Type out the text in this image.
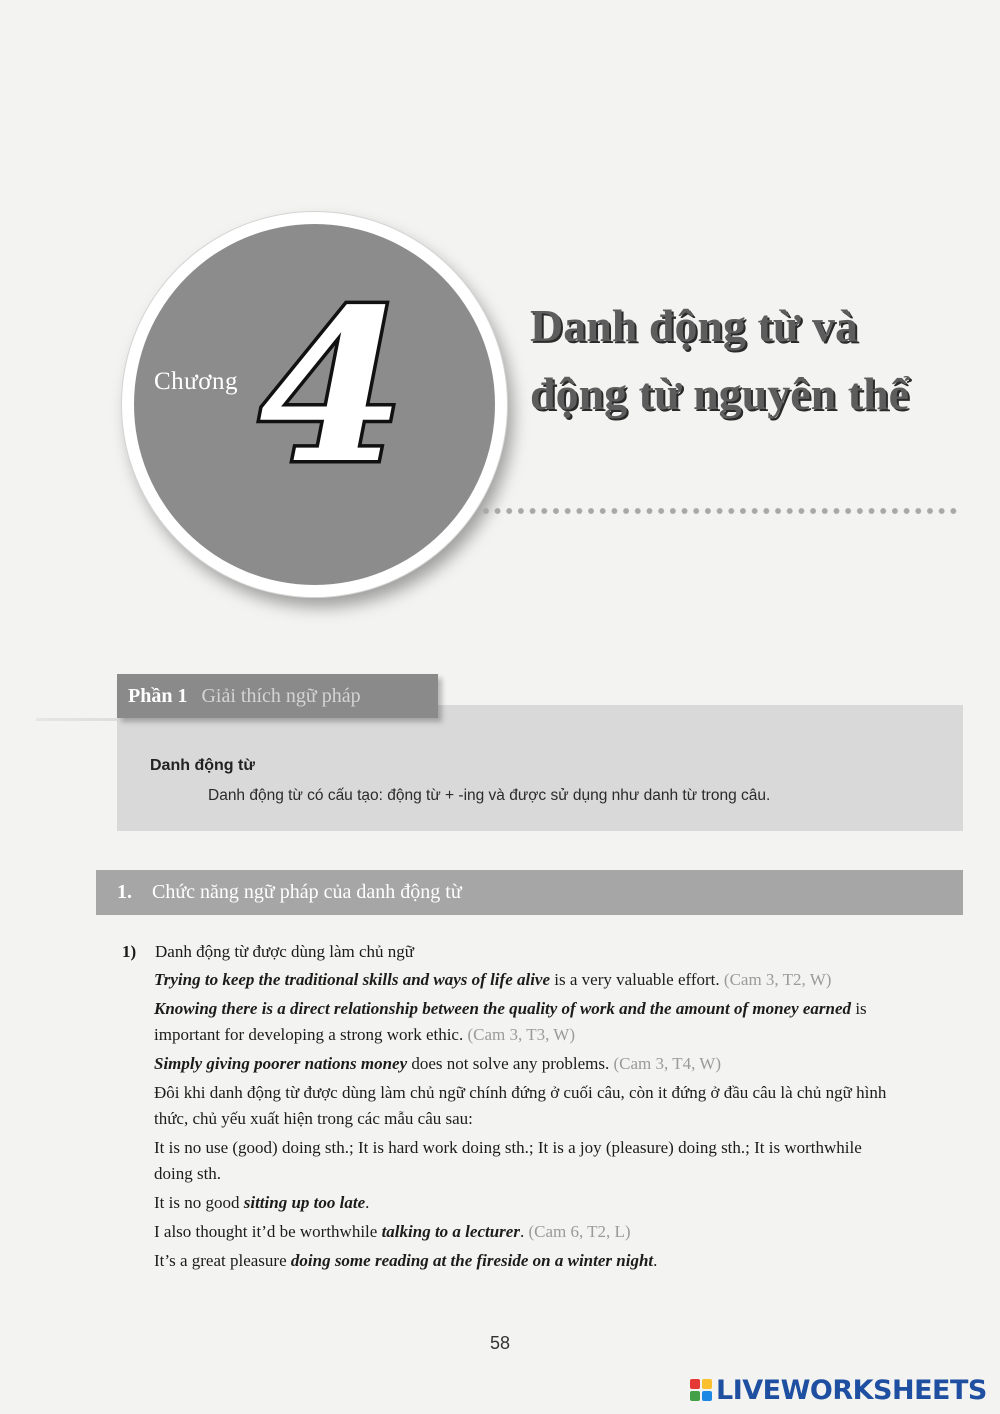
Chương 4	Danh động từ và động từ nguyên thể
Phần 1 Giải thích ngữ pháp
Danh động từ
Danh động từ có cấu tạo: động từ + -ing và được sử dụng như danh từ trong câu.
1. Chức năng ngữ pháp của danh động từ
1) Danh động từ được dùng làm chủ ngữ

Trying to keep the traditional skills and ways of life alive is a very valuable effort. (Cam 3, T2, W)

Knowing there is a direct relationship between the quality of work and the amount of money earned is important for developing a strong work ethic. (Cam 3, T3, W)

Simply giving poorer nations money does not solve any problems. (Cam 3, T4, W)

Đôi khi danh động từ được dùng làm chủ ngữ chính đứng ở cuối câu, còn it đứng ở đầu câu là chủ ngữ hình thức, chủ yếu xuất hiện trong các mẫu câu sau:

It is no use (good) doing sth.; It is hard work doing sth.; It is a joy (pleasure) doing sth.; It is worthwhile doing sth.

It is no good sitting up too late.

I also thought it’d be worthwhile talking to a lecturer. (Cam 6, T2, L)

It’s a great pleasure doing some reading at the fireside on a winter night.

58
LIVEWORKSHEETS
